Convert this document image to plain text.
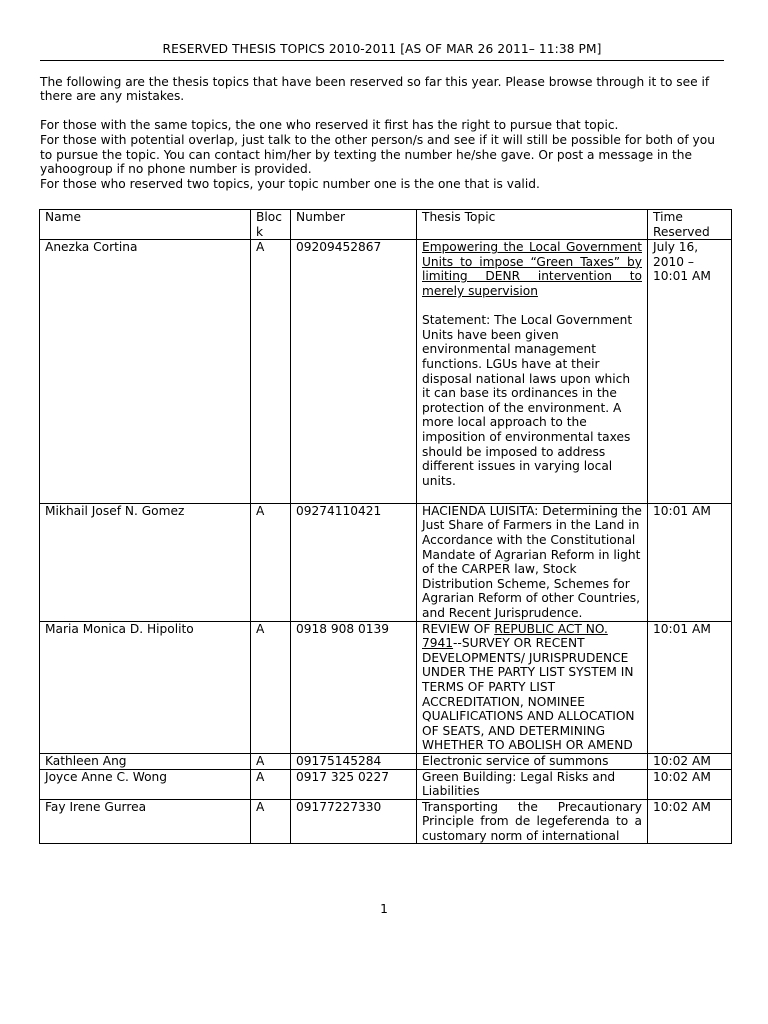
RESERVED THESIS TOPICS 2010-2011 [AS OF MAR 26 2011– 11:38 PM]

The following are the thesis topics that have been reserved so far this year. Please browse through it to see if there are any mistakes.

For those with the same topics, the one who reserved it first has the right to pursue that topic.

For those with potential overlap, just talk to the other person/s and see if it will still be possible for both of you to pursue the topic. You can contact him/her by texting the number he/she gave. Or post a message in the yahoogroup if no phone number is provided.

For those who reserved two topics, your topic number one is the one that is valid.

Name	Bloc k	Number	Thesis Topic	Time Reserved
Anezka Cortina	A	09209452867	Empowering the Local Government Units to impose “Green Taxes” by limiting DENR intervention to merely supervision
Statement: The Local Government Units have been given environmental management functions. LGUs have at their disposal national laws upon which it can base its ordinances in the protection of the environment. A more local approach to the imposition of environmental taxes should be imposed to address different issues in varying local units.	July 16, 2010 – 10:01 AM
Mikhail Josef N. Gomez	A	09274110421	HACIENDA LUISITA: Determining the Just Share of Farmers in the Land in Accordance with the Constitutional Mandate of Agrarian Reform in light of the CARPER law, Stock Distribution Scheme, Schemes for Agrarian Reform of other Countries, and Recent Jurisprudence.	10:01 AM
Maria Monica D. Hipolito	A	0918 908 0139	REVIEW OF REPUBLIC ACT NO. 7941--SURVEY OR RECENT DEVELOPMENTS/ JURISPRUDENCE UNDER THE PARTY LIST SYSTEM IN TERMS OF PARTY LIST ACCREDITATION, NOMINEE QUALIFICATIONS AND ALLOCATION OF SEATS, AND DETERMINING WHETHER TO ABOLISH OR AMEND	10:01 AM
Kathleen Ang	A	09175145284	Electronic service of summons	10:02 AM
Joyce Anne C. Wong	A	0917 325 0227	Green Building: Legal Risks and Liabilities	10:02 AM
Fay Irene Gurrea	A	09177227330	Transporting the Precautionary Principle from de legeferenda to a customary norm of international	10:02 AM
1
